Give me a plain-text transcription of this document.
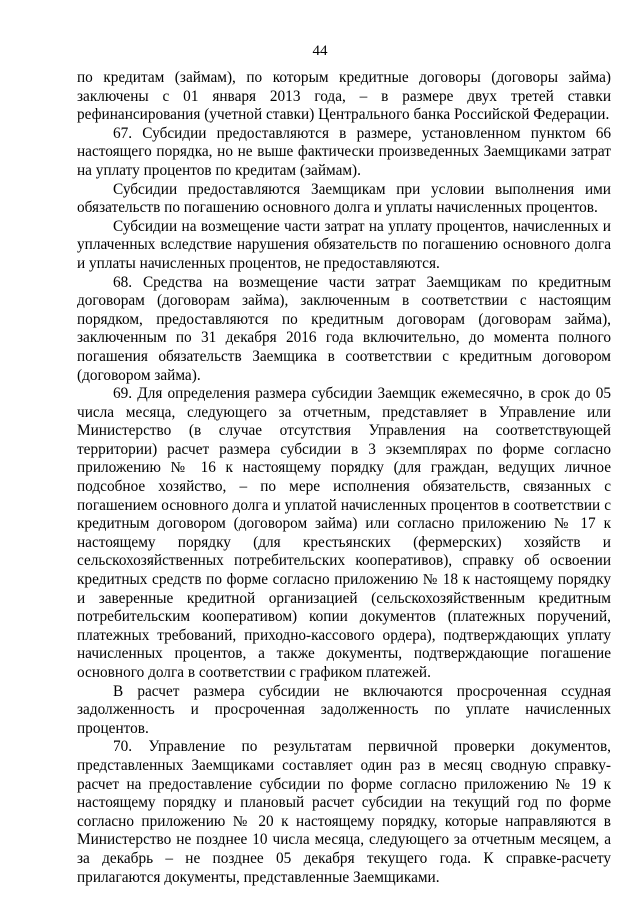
44

по кредитам (займам), по которым кредитные договоры (договоры займа) заключены с 01 января 2013 года, – в размере двух третей ставки рефинансирования (учетной ставки) Центрального банка Российской Федерации.

67. Субсидии предоставляются в размере, установленном пунктом 66 настоящего порядка, но не выше фактически произведенных Заемщиками затрат на уплату процентов по кредитам (займам).

Субсидии предоставляются Заемщикам при условии выполнения ими обязательств по погашению основного долга и уплаты начисленных процентов.

Субсидии на возмещение части затрат на уплату процентов, начисленных и уплаченных вследствие нарушения обязательств по погашению основного долга и уплаты начисленных процентов, не предоставляются.

68. Средства на возмещение части затрат Заемщикам по кредитным договорам (договорам займа), заключенным в соответствии с настоящим порядком, предоставляются по кредитным договорам (договорам займа), заключенным по 31 декабря 2016 года включительно, до момента полного погашения обязательств Заемщика в соответствии с кредитным договором (договором займа).

69. Для определения размера субсидии Заемщик ежемесячно, в срок до 05 числа месяца, следующего за отчетным, представляет в Управление или Министерство (в случае отсутствия Управления на соответствующей территории) расчет размера субсидии в 3 экземплярах по форме согласно приложению № 16 к настоящему порядку (для граждан, ведущих личное подсобное хозяйство, – по мере исполнения обязательств, связанных с погашением основного долга и уплатой начисленных процентов в соответствии с кредитным договором (договором займа) или согласно приложению № 17 к настоящему порядку (для крестьянских (фермерских) хозяйств и сельскохозяйственных потребительских кооперативов), справку об освоении кредитных средств по форме согласно приложению № 18 к настоящему порядку и заверенные кредитной организацией (сельскохозяйственным кредитным потребительским кооперативом) копии документов (платежных поручений, платежных требований, приходно-кассового ордера), подтверждающих уплату начисленных процентов, а также документы, подтверждающие погашение основного долга в соответствии с графиком платежей.

В расчет размера субсидии не включаются просроченная ссудная задолженность и просроченная задолженность по уплате начисленных процентов.

70. Управление по результатам первичной проверки документов, представленных Заемщиками составляет один раз в месяц сводную справку-расчет на предоставление субсидии по форме согласно приложению № 19 к настоящему порядку и плановый расчет субсидии на текущий год по форме согласно приложению № 20 к настоящему порядку, которые направляются в Министерство не позднее 10 числа месяца, следующего за отчетным месяцем, а за декабрь – не позднее 05 декабря текущего года. К справке-расчету прилагаются документы, представленные Заемщиками.
